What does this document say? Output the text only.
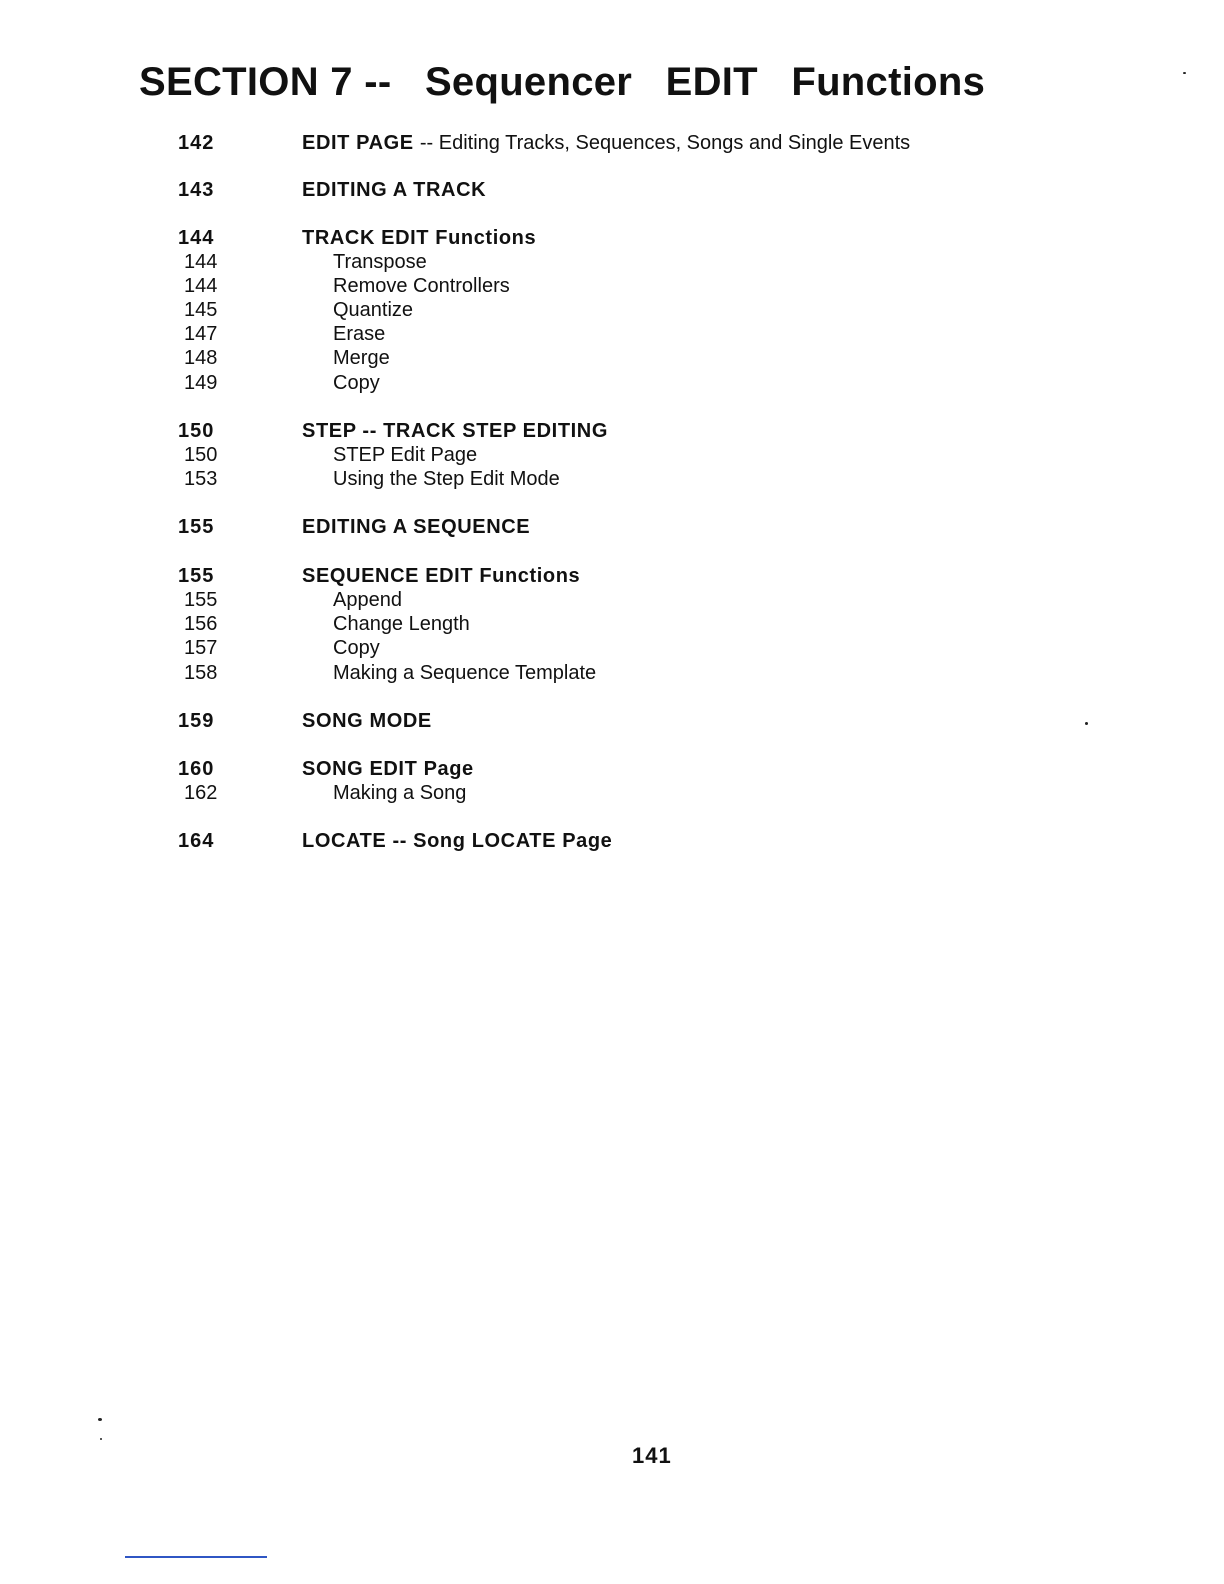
SECTION 7 -- Sequencer EDIT Functions
142	EDIT PAGE -- Editing Tracks, Sequences, Songs and Single Events
143	EDITING A TRACK
144	TRACK EDIT Functions
144	Transpose
144	Remove Controllers
145	Quantize
147	Erase
148	Merge
149	Copy
150	STEP -- TRACK STEP EDITING
150	STEP Edit Page
153	Using the Step Edit Mode
155	EDITING A SEQUENCE
155	SEQUENCE EDIT Functions
155	Append
156	Change Length
157	Copy
158	Making a Sequence Template
159	SONG MODE
160	SONG EDIT Page
162	Making a Song
164	LOCATE -- Song LOCATE Page
141
